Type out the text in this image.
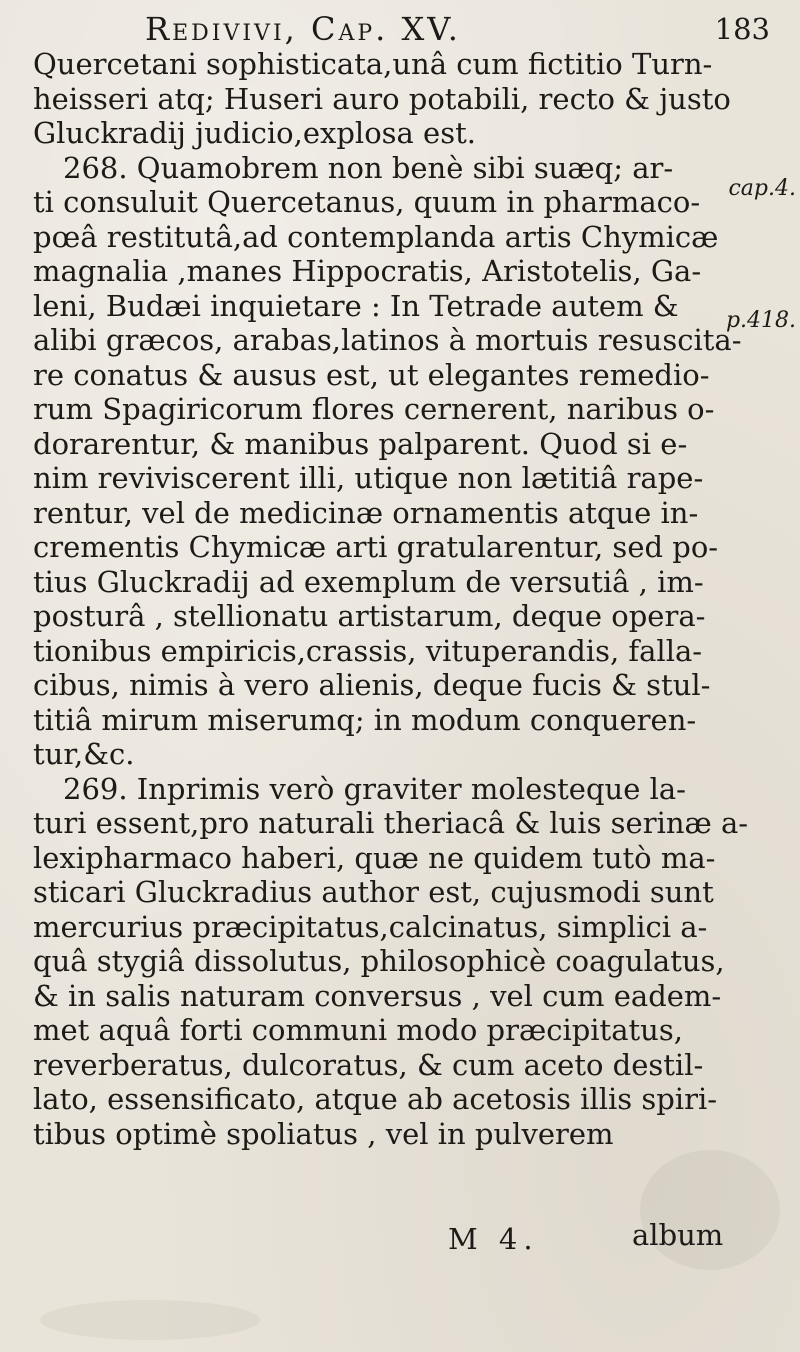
Redivivi, Cap. XV.	183
Quercetani sophisticata,unâ cum fictitio Turn-
heisseri atq; Huseri auro potabili, recto & justo
Gluckradij judicio,explosa est.
268. Quamobrem non benè sibi suæq; ar-
ti consuluit Quercetanus, quum in pharmaco-
pœâ restitutâ,ad contemplanda artis Chymicæ
magnalia ,manes Hippocratis, Aristotelis, Ga-
leni, Budæi inquietare : In Tetrade autem &
alibi græcos, arabas,latinos à mortuis resuscita-
re conatus & ausus est, ut elegantes remedio-
rum Spagiricorum flores cernerent, naribus o-
dorarentur, & manibus palparent. Quod si e-
nim reviviscerent illi, utique non lætitiâ rape-
rentur, vel de medicinæ ornamentis atque in-
crementis Chymicæ arti gratularentur, sed po-
tius Gluckradij ad exemplum de versutiâ , im-
posturâ , stellionatu artistarum, deque opera-
tionibus empiricis,crassis, vituperandis, falla-
cibus, nimis à vero alienis, deque fucis & stul-
titiâ mirum miserumq; in modum conqueren-
tur,&c.
269. Inprimis verò graviter molesteque la-
turi essent,pro naturali theriacâ & luis serinæ a-
lexipharmaco haberi, quæ ne quidem tutò ma-
sticari Gluckradius author est, cujusmodi sunt
mercurius præcipitatus,calcinatus, simplici a-
quâ stygiâ dissolutus, philosophicè coagulatus,
& in salis naturam conversus , vel cum eadem-
met aquâ forti communi modo præcipitatus,
reverberatus, dulcoratus, & cum aceto destil-
lato, essensificato, atque ab acetosis illis spiri-
tibus optimè spoliatus , vel in pulverem
cap.4.
p.418.
M 4.	album
